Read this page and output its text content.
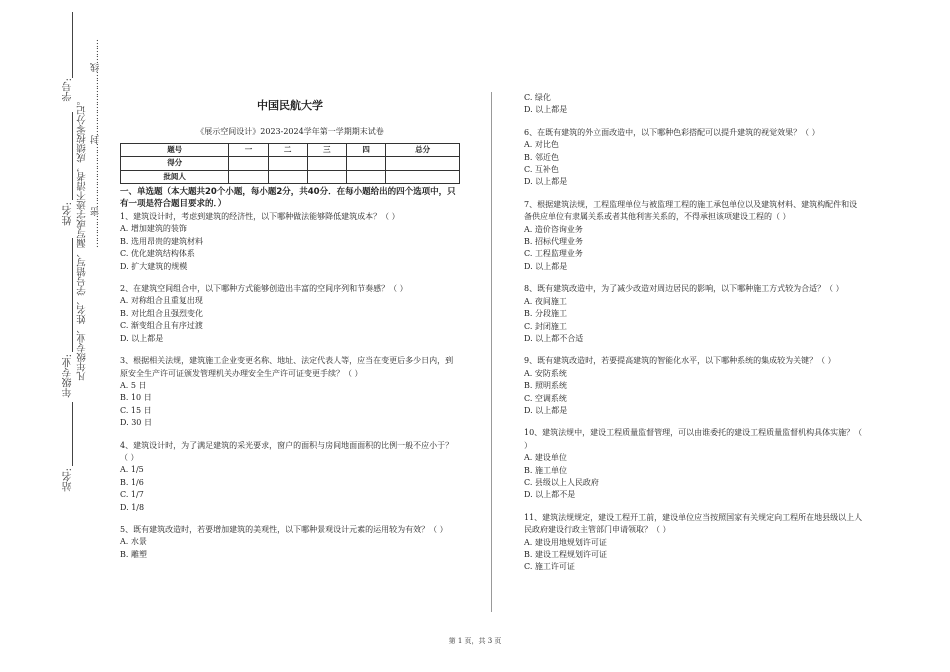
学号:
姓名:
年级专业:
站名:
凡年级专业、姓名、学号错写、漏写或字迹不清者，成绩按零分记。 …………密……………………封……………………线………	中国民航大学
《展示空间设计》2023-2024学年第一学期期末试卷
题号	一	二	三	四	总分
得分					
批阅人					
一、单选题（本大题共20个小题，每小题2分，共40分．在每小题给出的四个选项中，只有一项是符合题目要求的．）

1、建筑设计时，考虑到建筑的经济性，以下哪种做法能够降低建筑成本？（ ）

A. 增加建筑的装饰

B. 选用昂贵的建筑材料

C. 优化建筑结构体系

D. 扩大建筑的规模

2、在建筑空间组合中，以下哪种方式能够创造出丰富的空间序列和节奏感？（ ）

A. 对称组合且重复出现

B. 对比组合且强烈变化

C. 渐变组合且有序过渡

D. 以上都是

3、根据相关法规，建筑施工企业变更名称、地址、法定代表人等，应当在变更后多少日内，到原安全生产许可证颁发管理机关办理安全生产许可证变更手续？（ ）

A. 5 日

B. 10 日

C. 15 日

D. 30 日

4、建筑设计时，为了满足建筑的采光要求，窗户的面积与房间地面面积的比例一般不应小于？（ ）

A. 1/5

B. 1/6

C. 1/7

D. 1/8

5、既有建筑改造时，若要增加建筑的美观性，以下哪种景观设计元素的运用较为有效？（ ）

A. 水景

B. 雕塑

C. 绿化

D. 以上都是

6、在既有建筑的外立面改造中，以下哪种色彩搭配可以提升建筑的视觉效果？（ ）

A. 对比色

B. 邻近色

C. 互补色

D. 以上都是

7、根据建筑法规，工程监理单位与被监理工程的施工承包单位以及建筑材料、建筑构配件和设备供应单位有隶属关系或者其他利害关系的，不得承担该项建设工程的（ ）

A. 造价咨询业务

B. 招标代理业务

C. 工程监理业务

D. 以上都是

8、既有建筑改造中，为了减少改造对周边居民的影响，以下哪种施工方式较为合适？（ ）

A. 夜间施工

B. 分段施工

C. 封闭施工

D. 以上都不合适

9、既有建筑改造时，若要提高建筑的智能化水平，以下哪种系统的集成较为关键？（ ）

A. 安防系统

B. 照明系统

C. 空调系统

D. 以上都是

10、建筑法规中，建设工程质量监督管理，可以由谁委托的建设工程质量监督机构具体实施？（ ）

A. 建设单位

B. 施工单位

C. 县级以上人民政府

D. 以上都不是

11、建筑法规规定，建设工程开工前，建设单位应当按照国家有关规定向工程所在地县级以上人民政府建设行政主管部门申请领取？（ ）

A. 建设用地规划许可证

B. 建设工程规划许可证

C. 施工许可证

第 1 页，共 3 页
